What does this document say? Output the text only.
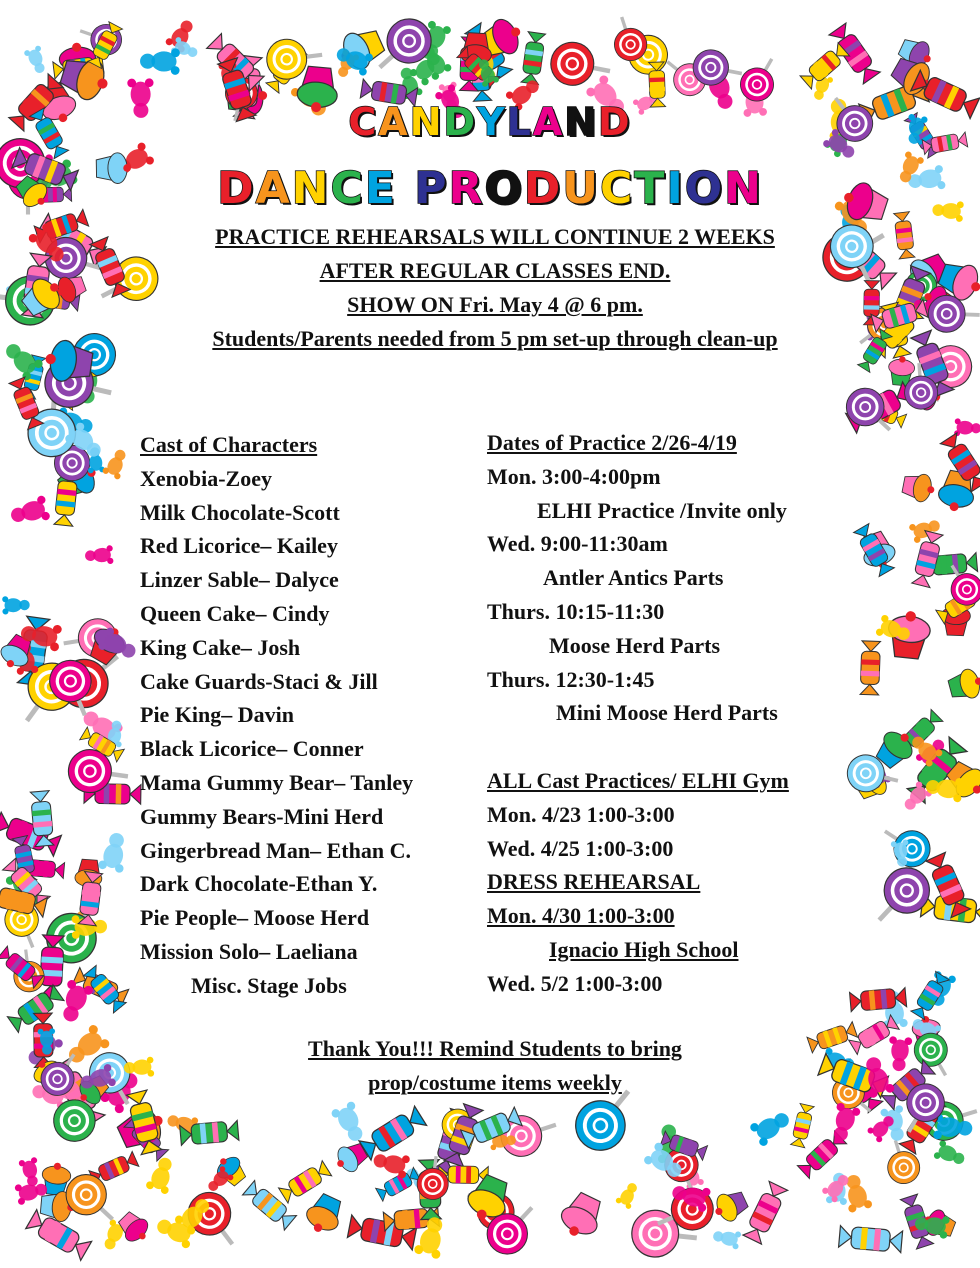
CANDYLAND
DANCE PRODUCTION
PRACTICE REHEARSALS WILL CONTINUE 2 WEEKS
AFTER REGULAR CLASSES END.
SHOW ON Fri. May 4 @ 6 pm.
Students/Parents needed from 5 pm set-up through clean-up
Cast of Characters
Xenobia-Zoey
Milk Chocolate-Scott
Red Licorice– Kailey
Linzer Sable– Dalyce
Queen Cake– Cindy
King Cake– Josh
Cake Guards-Staci & Jill
Pie King– Davin
Black Licorice– Conner
Mama Gummy Bear– Tanley
Gummy Bears-Mini Herd
Gingerbread Man– Ethan C.
Dark Chocolate-Ethan Y.
Pie People– Moose Herd
Mission Solo– Laeliana
Misc. Stage Jobs
Dates of Practice 2/26-4/19
Mon. 3:00-4:00pm
ELHI Practice /Invite only
Wed. 9:00-11:30am
Antler Antics Parts
Thurs. 10:15-11:30
Moose Herd Parts
Thurs. 12:30-1:45
Mini Moose Herd Parts
ALL Cast Practices/ ELHI Gym
Mon. 4/23 1:00-3:00
Wed. 4/25 1:00-3:00
DRESS REHEARSAL
Mon. 4/30 1:00-3:00
Ignacio High School
Wed. 5/2 1:00-3:00
Thank You!!! Remind Students to bring
prop/costume items weekly
